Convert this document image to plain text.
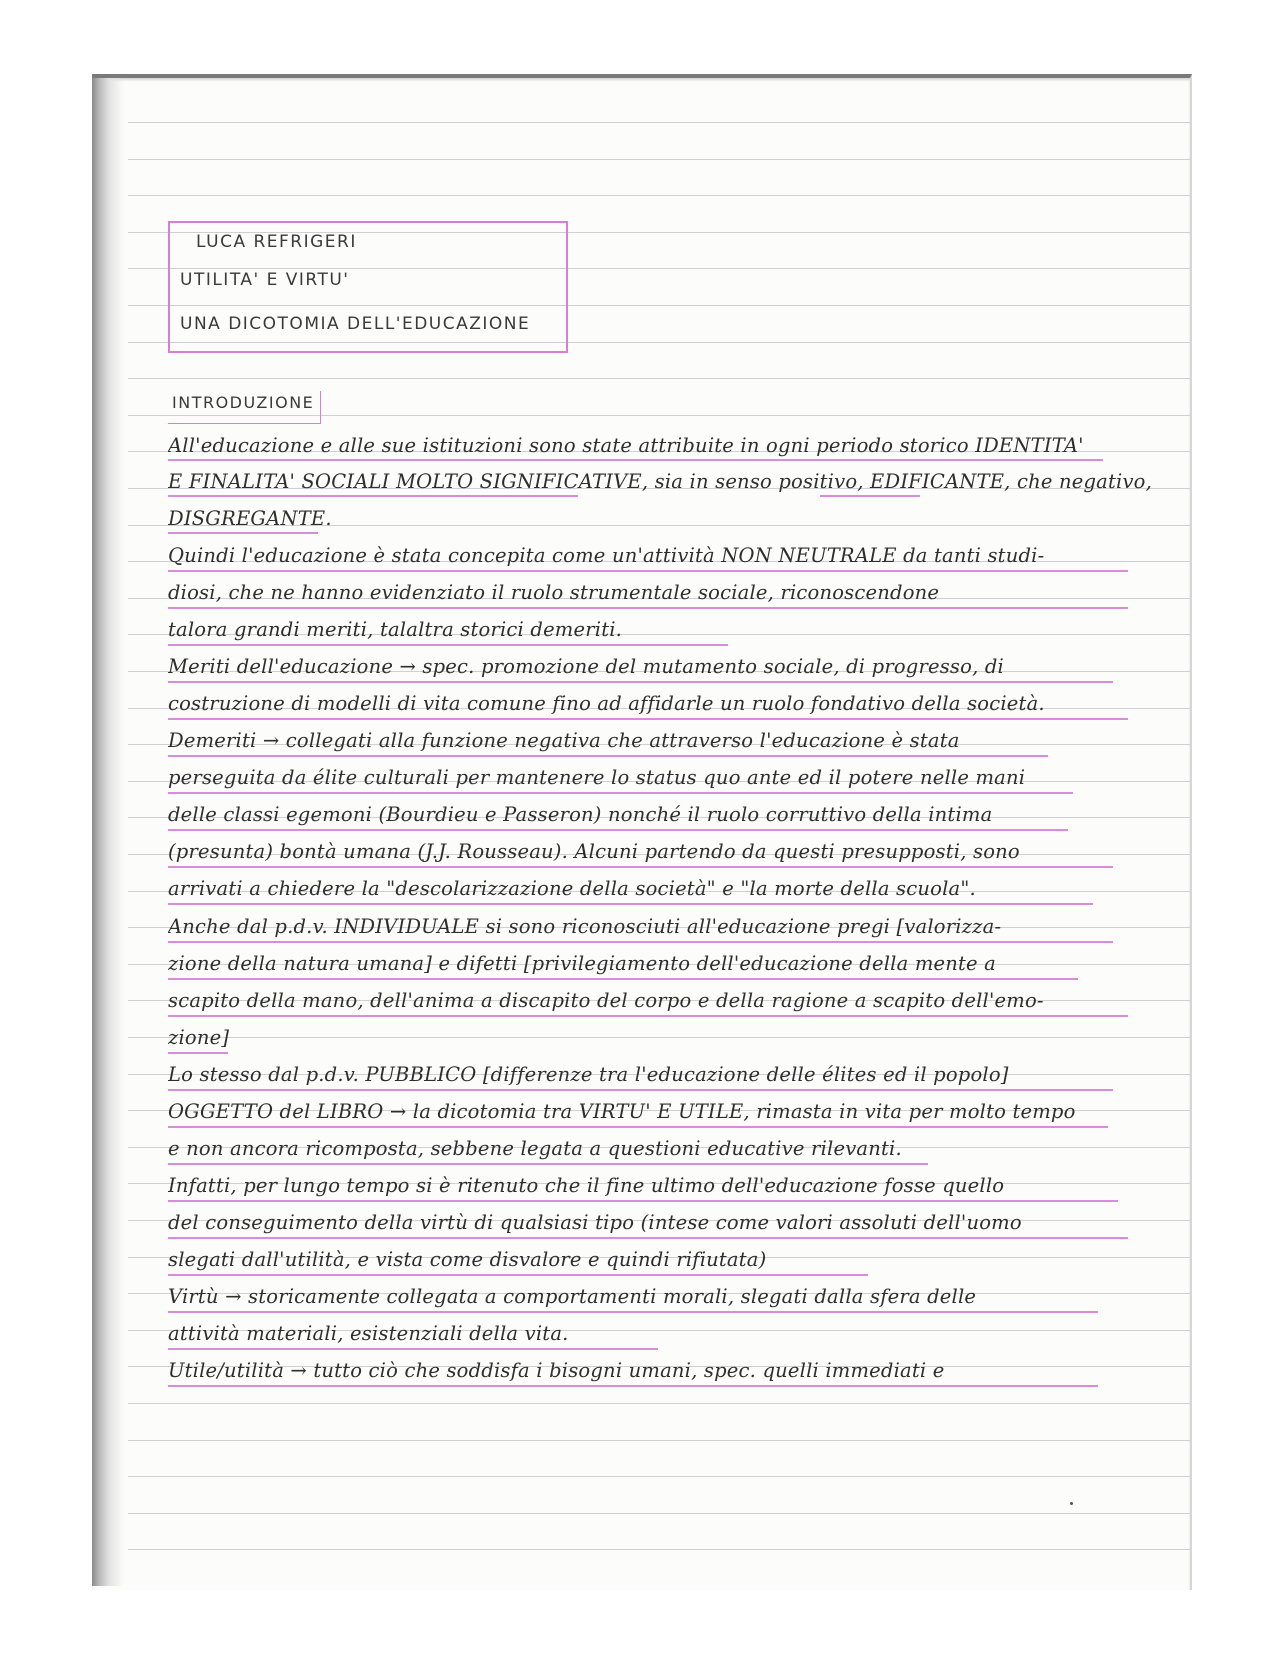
LUCA REFRIGERI
UTILITA' E VIRTU'
UNA DICOTOMIA DELL'EDUCAZIONE
INTRODUZIONE
All'educazione e alle sue istituzioni sono state attribuite in ogni periodo storico IDENTITA'
E FINALITA' SOCIALI MOLTO SIGNIFICATIVE, sia in senso positivo, EDIFICANTE, che negativo,
DISGREGANTE.
Quindi l'educazione è stata concepita come un'attività NON NEUTRALE da tanti studi-
diosi, che ne hanno evidenziato il ruolo strumentale sociale, riconoscendone
talora grandi meriti, talaltra storici demeriti.
Meriti dell'educazione → spec. promozione del mutamento sociale, di progresso, di
costruzione di modelli di vita comune fino ad affidarle un ruolo fondativo della società.
Demeriti → collegati alla funzione negativa che attraverso l'educazione è stata
perseguita da élite culturali per mantenere lo status quo ante ed il potere nelle mani
delle classi egemoni (Bourdieu e Passeron) nonché il ruolo corruttivo della intima
(presunta) bontà umana (J.J. Rousseau). Alcuni partendo da questi presupposti, sono
arrivati a chiedere la "descolarizzazione della società" e "la morte della scuola".
Anche dal p.d.v. INDIVIDUALE si sono riconosciuti all'educazione pregi [valorizza-
zione della natura umana] e difetti [privilegiamento dell'educazione della mente a
scapito della mano, dell'anima a discapito del corpo e della ragione a scapito dell'emo-
zione]
Lo stesso dal p.d.v. PUBBLICO [differenze tra l'educazione delle élites ed il popolo]
OGGETTO del LIBRO → la dicotomia tra VIRTU' E UTILE, rimasta in vita per molto tempo
e non ancora ricomposta, sebbene legata a questioni educative rilevanti.
Infatti, per lungo tempo si è ritenuto che il fine ultimo dell'educazione fosse quello
del conseguimento della virtù di qualsiasi tipo (intese come valori assoluti dell'uomo
slegati dall'utilità, e vista come disvalore e quindi rifiutata)
Virtù → storicamente collegata a comportamenti morali, slegati dalla sfera delle
attività materiali, esistenziali della vita.
Utile/utilità → tutto ciò che soddisfa i bisogni umani, spec. quelli immediati e
